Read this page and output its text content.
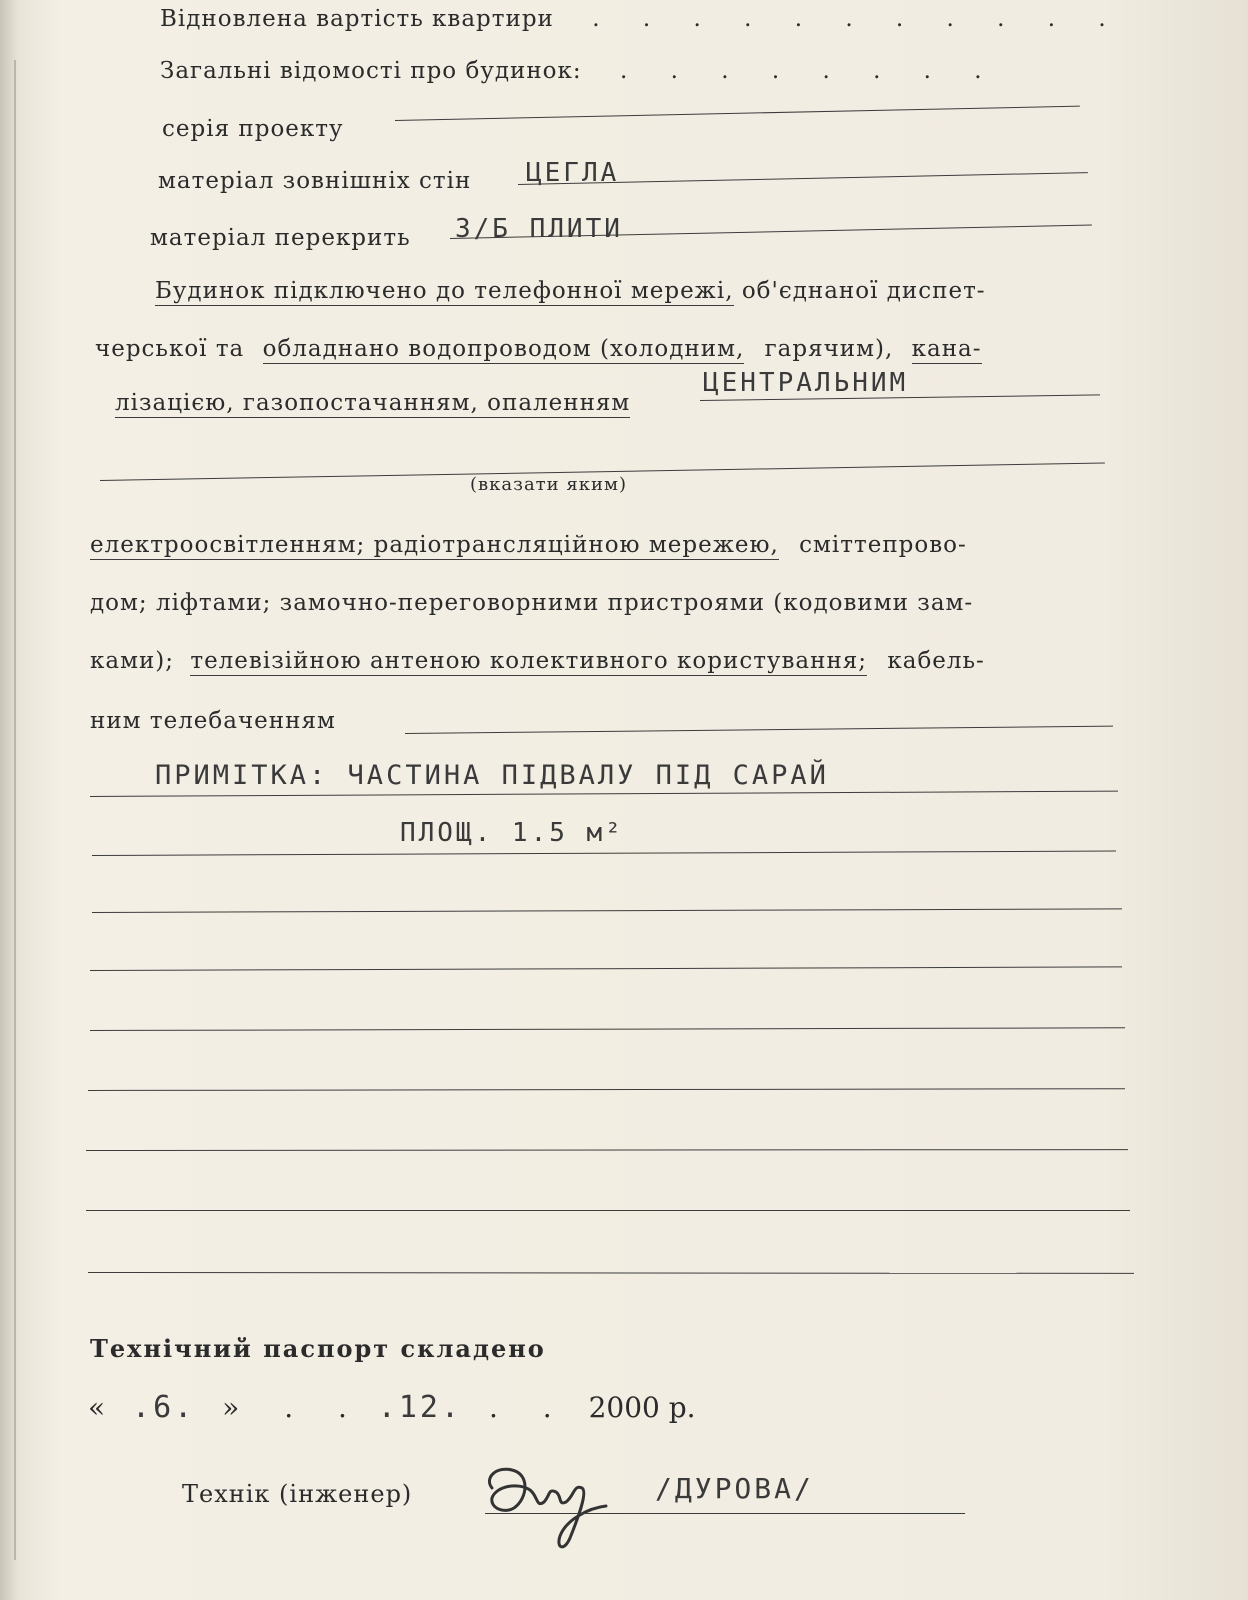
Відновлена вартість квартири . . . . . . . . . . .
Загальні відомості про будинок: . . . . . . . .
серія проекту
матеріал зовнішніх стін ЦЕГЛА
матеріал перекрить З/Б ПЛИТИ
Будинок підключено до телефонної мережі, об'єднаної диспет-
черської та обладнано водопроводом (холодним, гарячим), кана-
лізацією, газопостачанням, опаленням
ЦЕНТРАЛЬНИМ
(вказати яким)
електроосвітленням; радіотрансляційною мережею, сміттепрово-
дом; ліфтами; замочно-переговорними пристроями (кодовими зам-
ками); телевізійною антеною колективного користування; кабель-
ним телебаченням
ПРИМІТКА: ЧАСТИНА ПІДВАЛУ ПІД САРАЙ
ПЛОЩ. 1.5 м²
Технічний паспорт складено
« .6. » . . .12. . . 2000 р.
Технік (інженер)	/ДУРОВА/
